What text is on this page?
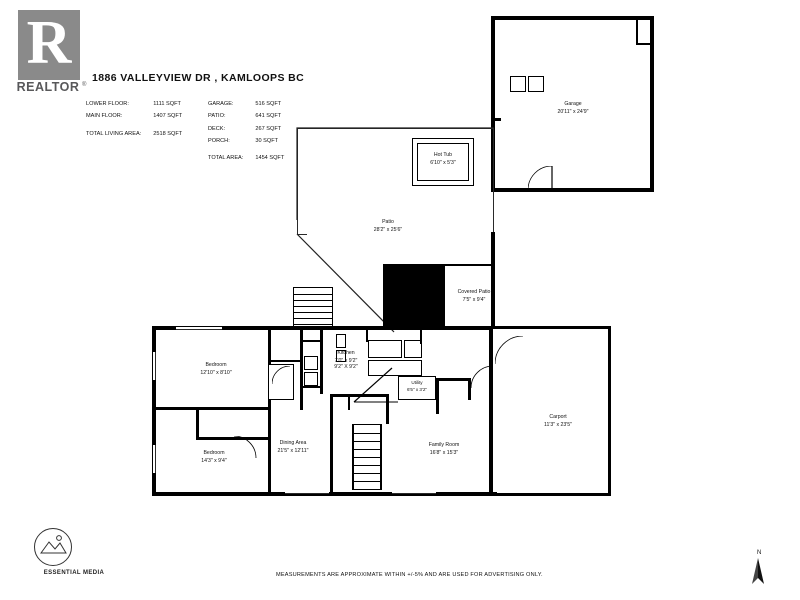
R
REALTOR ®
1886 VALLEYVIEW DR , KAMLOOPS BC
LOWER FLOOR:	1111 SQFT
MAIN FLOOR:	1407 SQFT
TOTAL LIVING AREA:	2518 SQFT
GARAGE:	516 SQFT
PATIO:	641 SQFT
DECK:	267 SQFT
PORCH:	30 SQFT
TOTAL AREA:	1454 SQFT
Garage
20'11" x 24'9"
Hot Tub
6'10" x 5'3"
Patio
28'2" x 25'6"
Covered Patio
7'5" x 9'4"
Carport
11'3" x 23'5"
Utility
6'5" x 3'2"
Bedroom
12'10" x 8'10"
Bedroom
14'3" x 9'4"
Kitchen
7'0" x 9'2"
9'2" X 9'2"
Dining Area
21'5" x 12'11"
Family Room
16'8" x 15'3"
ESSENTIAL MEDIA	MEASUREMENTS ARE APPROXIMATE WITHIN +/-5% AND ARE USED FOR ADVERTISING ONLY.
N
